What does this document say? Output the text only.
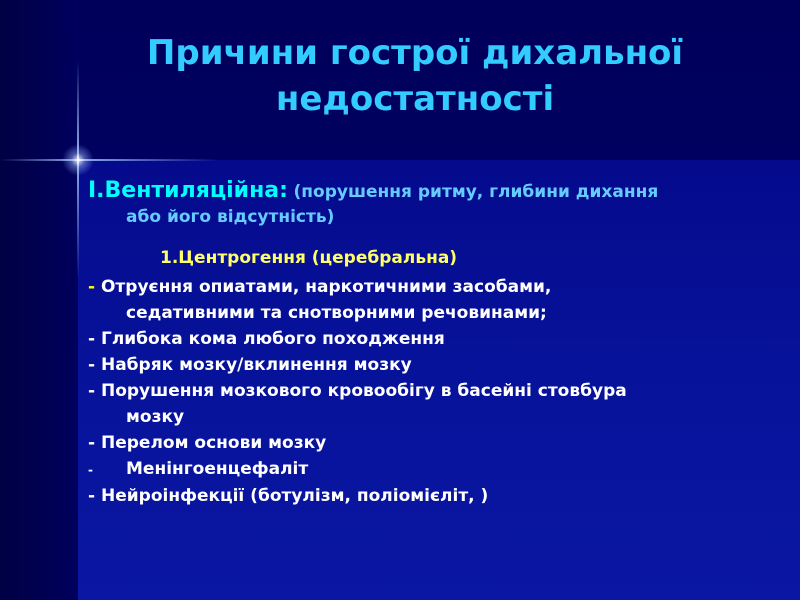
Причини гострої дихальної
недостатності
І.Вентиляційна: (порушення ритму, глибини дихання
або його відсутність)
1.Центрогення (церебральна)
- Отруєння опиатами, наркотичними засобами,
седативними та снотворними речовинами;
- Глибока кома любого походження
- Набряк мозку/вклинення мозку
- Порушення мозкового кровообігу в басейні стовбура
мозку
- Перелом основи мозку
- Менінгоенцефаліт
- Нейроінфекції (ботулізм, поліомієліт, )
